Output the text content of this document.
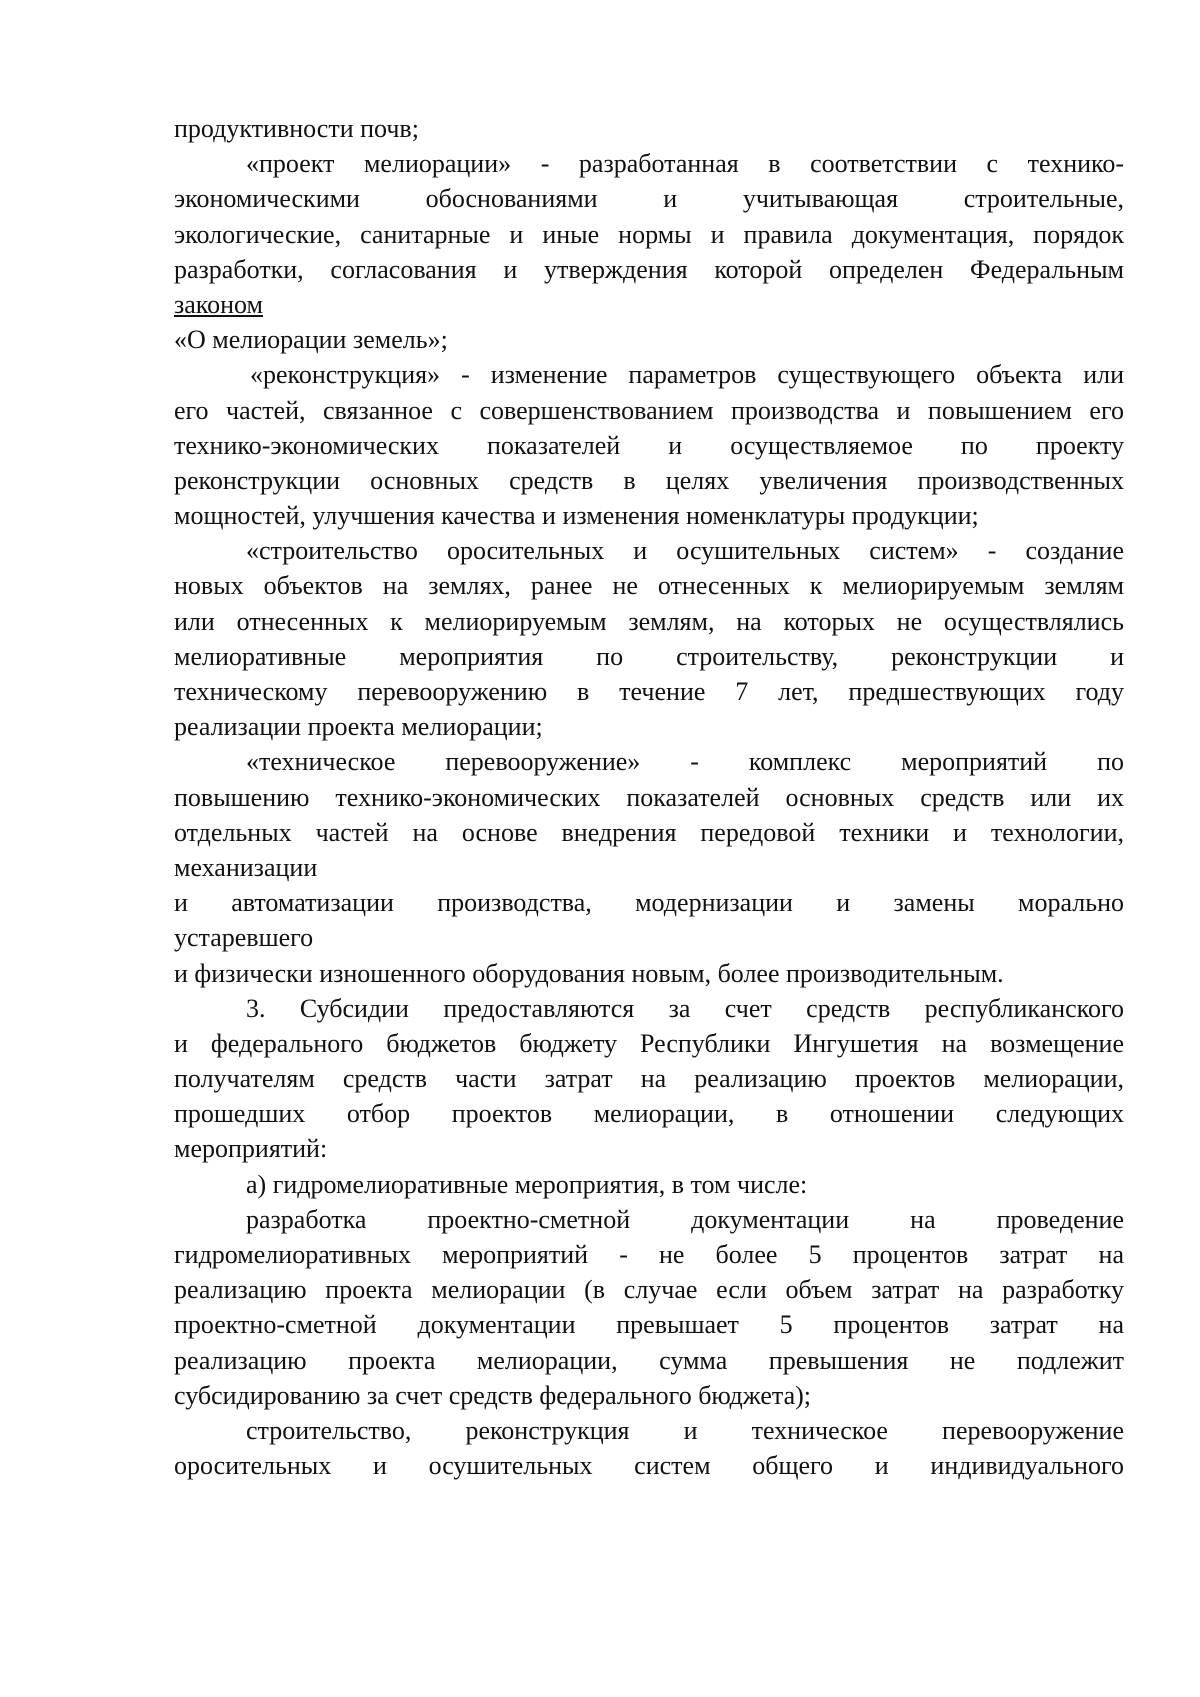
продуктивности почв;
«проект мелиорации» - разработанная в соответствии с технико-
экономическими обоснованиями и учитывающая строительные,
экологические, санитарные и иные нормы и правила документация, порядок
разработки, согласования и утверждения которой определен Федеральным
законом
«О мелиорации земель»;
«реконструкция» - изменение параметров существующего объекта или
его частей, связанное с совершенствованием производства и повышением его
технико-экономических показателей и осуществляемое по проекту
реконструкции основных средств в целях увеличения производственных
мощностей, улучшения качества и изменения номенклатуры продукции;
«строительство оросительных и осушительных систем» - создание
новых объектов на землях, ранее не отнесенных к мелиорируемым землям
или отнесенных к мелиорируемым землям, на которых не осуществлялись
мелиоративные мероприятия по строительству, реконструкции и
техническому перевооружению в течение 7 лет, предшествующих году
реализации проекта мелиорации;
«техническое перевооружение» - комплекс мероприятий по
повышению технико-экономических показателей основных средств или их
отдельных частей на основе внедрения передовой техники и технологии,
механизации
и автоматизации производства, модернизации и замены морально
устаревшего
и физически изношенного оборудования новым, более производительным.
3. Субсидии предоставляются за счет средств республиканского
и федерального бюджетов бюджету Республики Ингушетия на возмещение
получателям средств части затрат на реализацию проектов мелиорации,
прошедших отбор проектов мелиорации, в отношении следующих
мероприятий:
а) гидромелиоративные мероприятия, в том числе:
разработка проектно-сметной документации на проведение
гидромелиоративных мероприятий - не более 5 процентов затрат на
реализацию проекта мелиорации (в случае если объем затрат на разработку
проектно-сметной документации превышает 5 процентов затрат на
реализацию проекта мелиорации, сумма превышения не подлежит
субсидированию за счет средств федерального бюджета);
строительство, реконструкция и техническое перевооружение
оросительных и осушительных систем общего и индивидуального
